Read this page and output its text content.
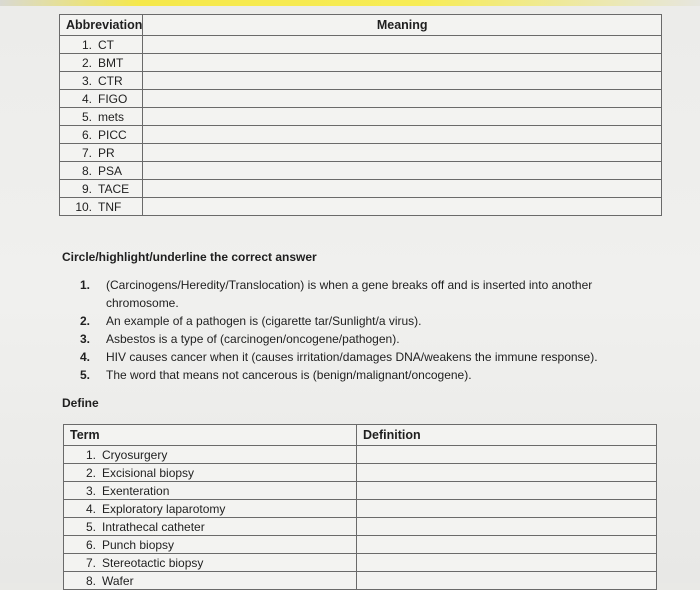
Abbreviation	Meaning
1. CT	
2. BMT	
3. CTR	
4. FIGO	
5. mets	
6. PICC	
7. PR	
8. PSA	
9. TACE	
10. TNF	
Circle/highlight/underline the correct answer
1.	(Carcinogens/Heredity/Translocation) is when a gene breaks off and is inserted into another chromosome.
2.	An example of a pathogen is (cigarette tar/Sunlight/a virus).
3.	Asbestos is a type of (carcinogen/oncogene/pathogen).
4.	HIV causes cancer when it (causes irritation/damages DNA/weakens the immune response).
5.	The word that means not cancerous is (benign/malignant/oncogene).
Define
Term	Definition
1. Cryosurgery	
2. Excisional biopsy	
3. Exenteration	
4. Exploratory laparotomy	
5. Intrathecal catheter	
6. Punch biopsy	
7. Stereotactic biopsy	
8. Wafer	
